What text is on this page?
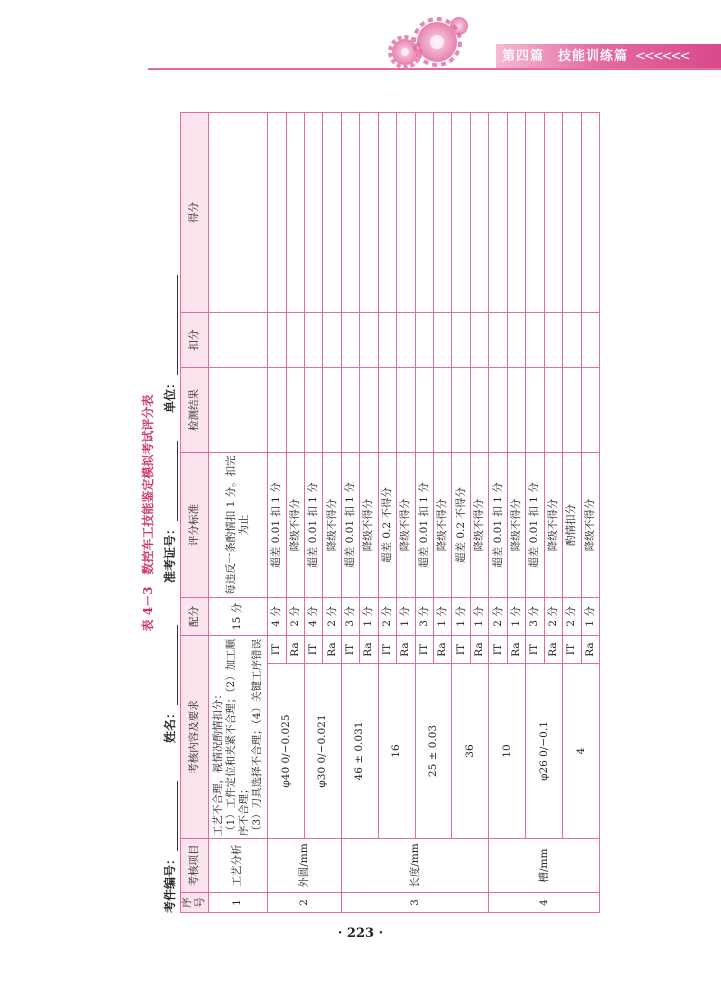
第四篇　技能训练篇 <<<<<<
表 4－3　数控车工技能鉴定模拟考试评分表
考件编号：
姓名：
准考证号：
单位：
序号	考核项目	考核内容及要求		配分	评分标准	检测结果	扣分	得分
1	工艺分析	工艺不合理，视情况酌情扣分： （1）工件定位和夹紧不合理；（2）加工顺序不合理； （3）刀具选择不合理；（4）关键工序错误		15 分	每违反一条酌情扣 1 分。扣完为止			
2	外圆/mm	φ40 0/−0.025	IT	4 分	超差 0.01 扣 1 分			
			Ra	2 分	降级不得分			
		φ30 0/−0.021	IT	4 分	超差 0.01 扣 1 分			
			Ra	2 分	降级不得分			
3	长度/mm	46 ± 0.031	IT	3 分	超差 0.01 扣 1 分			
			Ra	1 分	降级不得分			
		16	IT	2 分	超差 0.2 不得分			
			Ra	1 分	降级不得分			
		25 ± 0.03	IT	3 分	超差 0.01 扣 1 分			
			Ra	1 分	降级不得分			
		36	IT	1 分	超差 0.2 不得分			
			Ra	1 分	降级不得分			
4	槽/mm	10	IT	2 分	超差 0.01 扣 1 分			
			Ra	1 分	降级不得分			
		φ26 0/−0.1	IT	3 分	超差 0.01 扣 1 分			
			Ra	2 分	降级不得分			
		4	IT	2 分	酌情扣分			
			Ra	1 分	降级不得分			
· 223 ·
